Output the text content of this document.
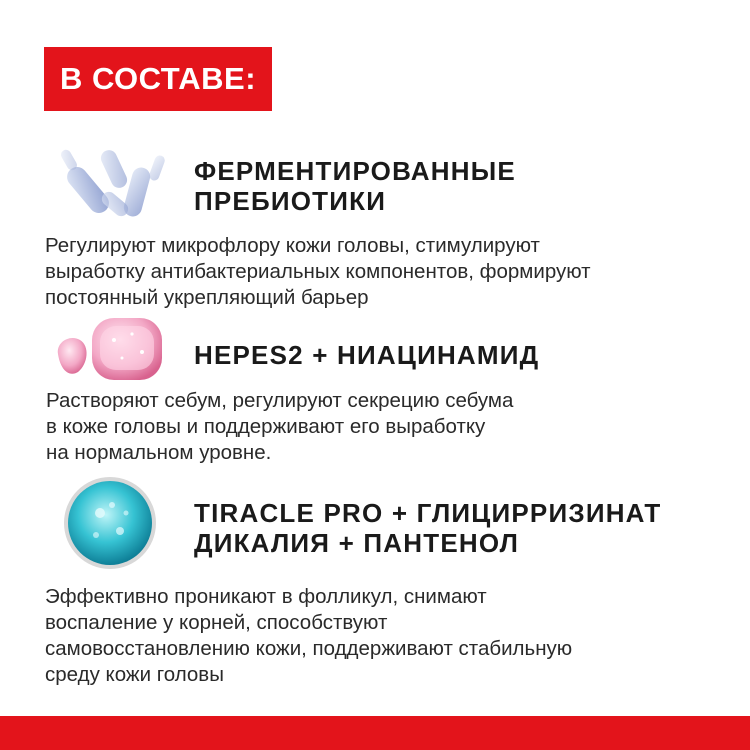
В СОСТАВЕ:
ФЕРМЕНТИРОВАННЫЕ
ПРЕБИОТИКИ
Регулируют микрофлору кожи головы, стимулируют
выработку антибактериальных компонентов, формируют
постоянный укрепляющий барьер
HEPES2 + НИАЦИНАМИД
Растворяют себум, регулируют секрецию себума
в коже головы и поддерживают его выработку
на нормальном уровне.
TIRACLE PRO + ГЛИЦИРРИЗИНАТ
ДИКАЛИЯ + ПАНТЕНОЛ
Эффективно проникают в фолликул, снимают
воспаление у корней, способствуют
самовосстановлению кожи, поддерживают стабильную
среду кожи головы
